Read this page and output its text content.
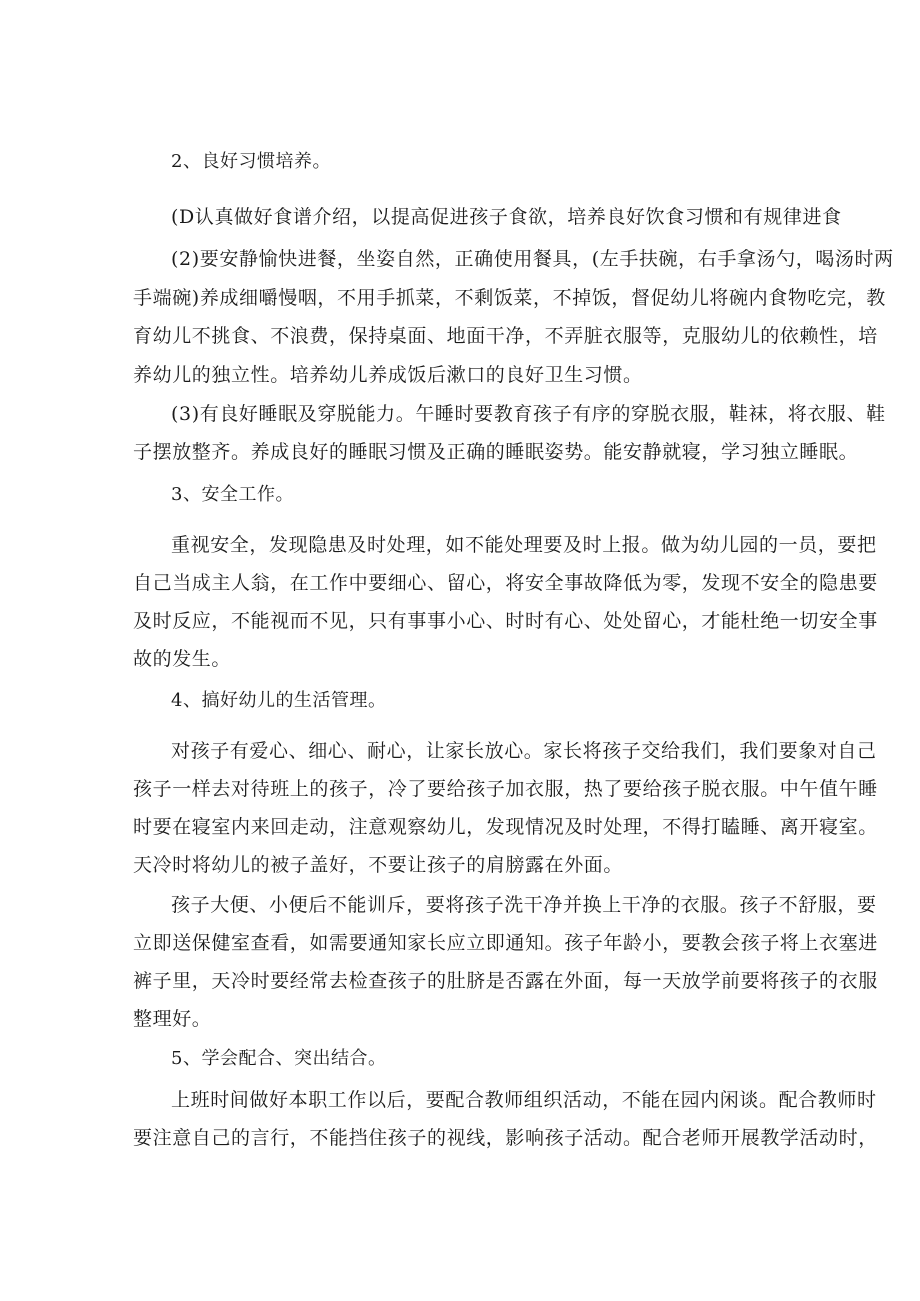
2、良好习惯培养。
(D认真做好食谱介绍，以提高促进孩子食欲，培养良好饮食习惯和有规律进食
(2)要安静愉快进餐，坐姿自然，正确使用餐具，(左手扶碗，右手拿汤勺，喝汤时两
手端碗)养成细嚼慢咽，不用手抓菜，不剩饭菜，不掉饭，督促幼儿将碗内食物吃完，教
育幼儿不挑食、不浪费，保持桌面、地面干净，不弄脏衣服等，克服幼儿的依赖性，培
养幼儿的独立性。培养幼儿养成饭后漱口的良好卫生习惯。
(3)有良好睡眠及穿脱能力。午睡时要教育孩子有序的穿脱衣服，鞋袜，将衣服、鞋
子摆放整齐。养成良好的睡眠习惯及正确的睡眠姿势。能安静就寝，学习独立睡眠。
3、安全工作。
重视安全，发现隐患及时处理，如不能处理要及时上报。做为幼儿园的一员，要把
自己当成主人翁，在工作中要细心、留心，将安全事故降低为零，发现不安全的隐患要
及时反应，不能视而不见，只有事事小心、时时有心、处处留心，才能杜绝一切安全事
故的发生。
4、搞好幼儿的生活管理。
对孩子有爱心、细心、耐心，让家长放心。家长将孩子交给我们，我们要象对自己
孩子一样去对待班上的孩子，冷了要给孩子加衣服，热了要给孩子脱衣服。中午值午睡
时要在寝室内来回走动，注意观察幼儿，发现情况及时处理，不得打瞌睡、离开寝室。
天冷时将幼儿的被子盖好，不要让孩子的肩膀露在外面。
孩子大便、小便后不能训斥，要将孩子洗干净并换上干净的衣服。孩子不舒服，要
立即送保健室查看，如需要通知家长应立即通知。孩子年龄小，要教会孩子将上衣塞进
裤子里，天冷时要经常去检查孩子的肚脐是否露在外面，每一天放学前要将孩子的衣服
整理好。
5、学会配合、突出结合。
上班时间做好本职工作以后，要配合教师组织活动，不能在园内闲谈。配合教师时
要注意自己的言行，不能挡住孩子的视线，影响孩子活动。配合老师开展教学活动时，
